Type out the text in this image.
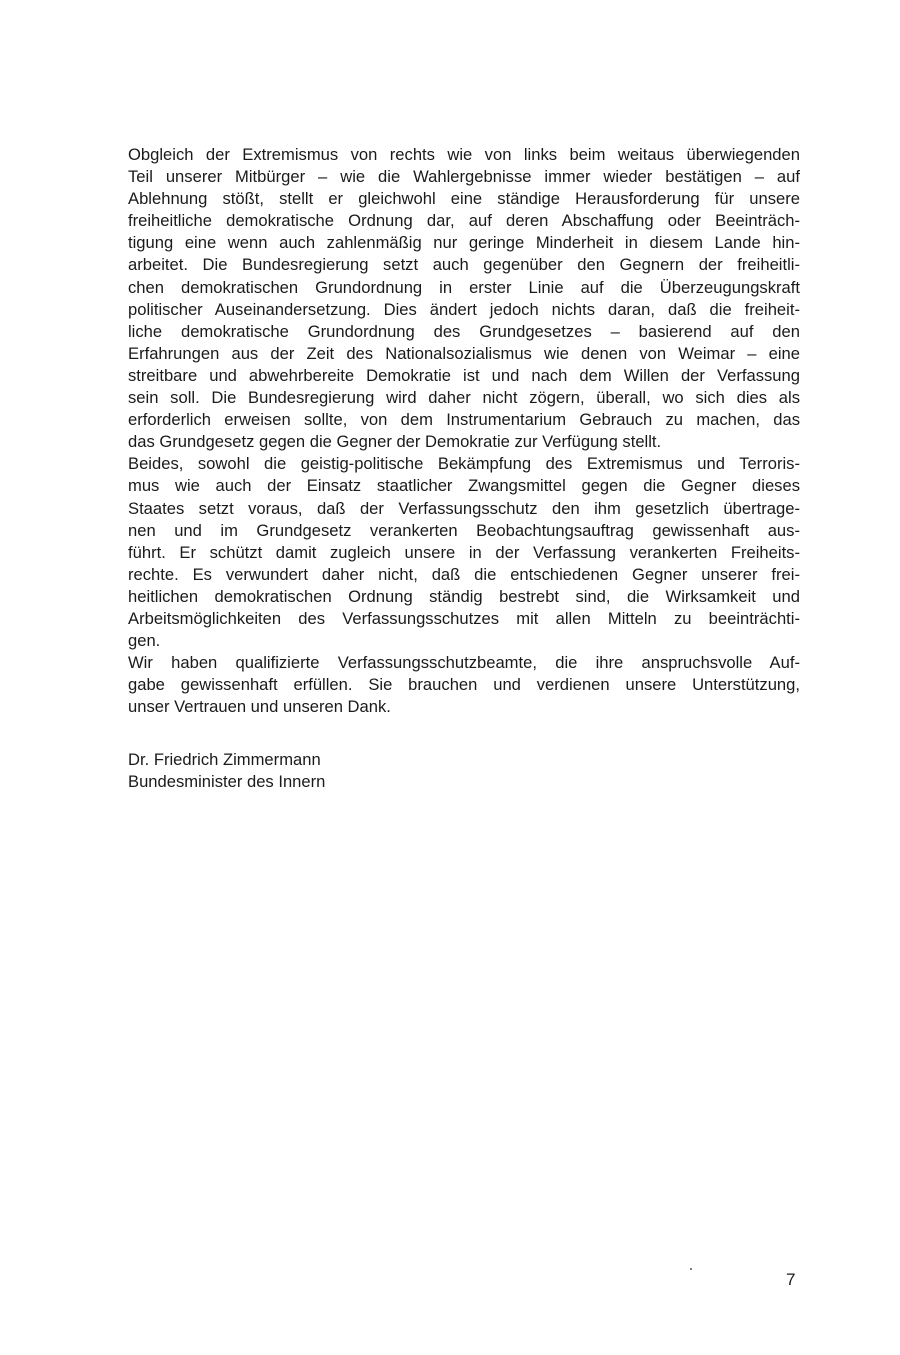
Obgleich der Extremismus von rechts wie von links beim weitaus überwiegenden
Teil unserer Mitbürger – wie die Wahlergebnisse immer wieder bestätigen – auf
Ablehnung stößt, stellt er gleichwohl eine ständige Herausforderung für unsere
freiheitliche demokratische Ordnung dar, auf deren Abschaffung oder Beeinträch-
tigung eine wenn auch zahlenmäßig nur geringe Minderheit in diesem Lande hin-
arbeitet. Die Bundesregierung setzt auch gegenüber den Gegnern der freiheitli-
chen demokratischen Grundordnung in erster Linie auf die Überzeugungskraft
politischer Auseinandersetzung. Dies ändert jedoch nichts daran, daß die freiheit-
liche demokratische Grundordnung des Grundgesetzes – basierend auf den
Erfahrungen aus der Zeit des Nationalsozialismus wie denen von Weimar – eine
streitbare und abwehrbereite Demokratie ist und nach dem Willen der Verfassung
sein soll. Die Bundesregierung wird daher nicht zögern, überall, wo sich dies als
erforderlich erweisen sollte, von dem Instrumentarium Gebrauch zu machen, das
das Grundgesetz gegen die Gegner der Demokratie zur Verfügung stellt.
Beides, sowohl die geistig-politische Bekämpfung des Extremismus und Terroris-
mus wie auch der Einsatz staatlicher Zwangsmittel gegen die Gegner dieses
Staates setzt voraus, daß der Verfassungsschutz den ihm gesetzlich übertrage-
nen und im Grundgesetz verankerten Beobachtungsauftrag gewissenhaft aus-
führt. Er schützt damit zugleich unsere in der Verfassung verankerten Freiheits-
rechte. Es verwundert daher nicht, daß die entschiedenen Gegner unserer frei-
heitlichen demokratischen Ordnung ständig bestrebt sind, die Wirksamkeit und
Arbeitsmöglichkeiten des Verfassungsschutzes mit allen Mitteln zu beeinträchti-
gen.
Wir haben qualifizierte Verfassungsschutzbeamte, die ihre anspruchsvolle Auf-
gabe gewissenhaft erfüllen. Sie brauchen und verdienen unsere Unterstützung,
unser Vertrauen und unseren Dank.
Dr. Friedrich Zimmermann
Bundesminister des Innern
7
